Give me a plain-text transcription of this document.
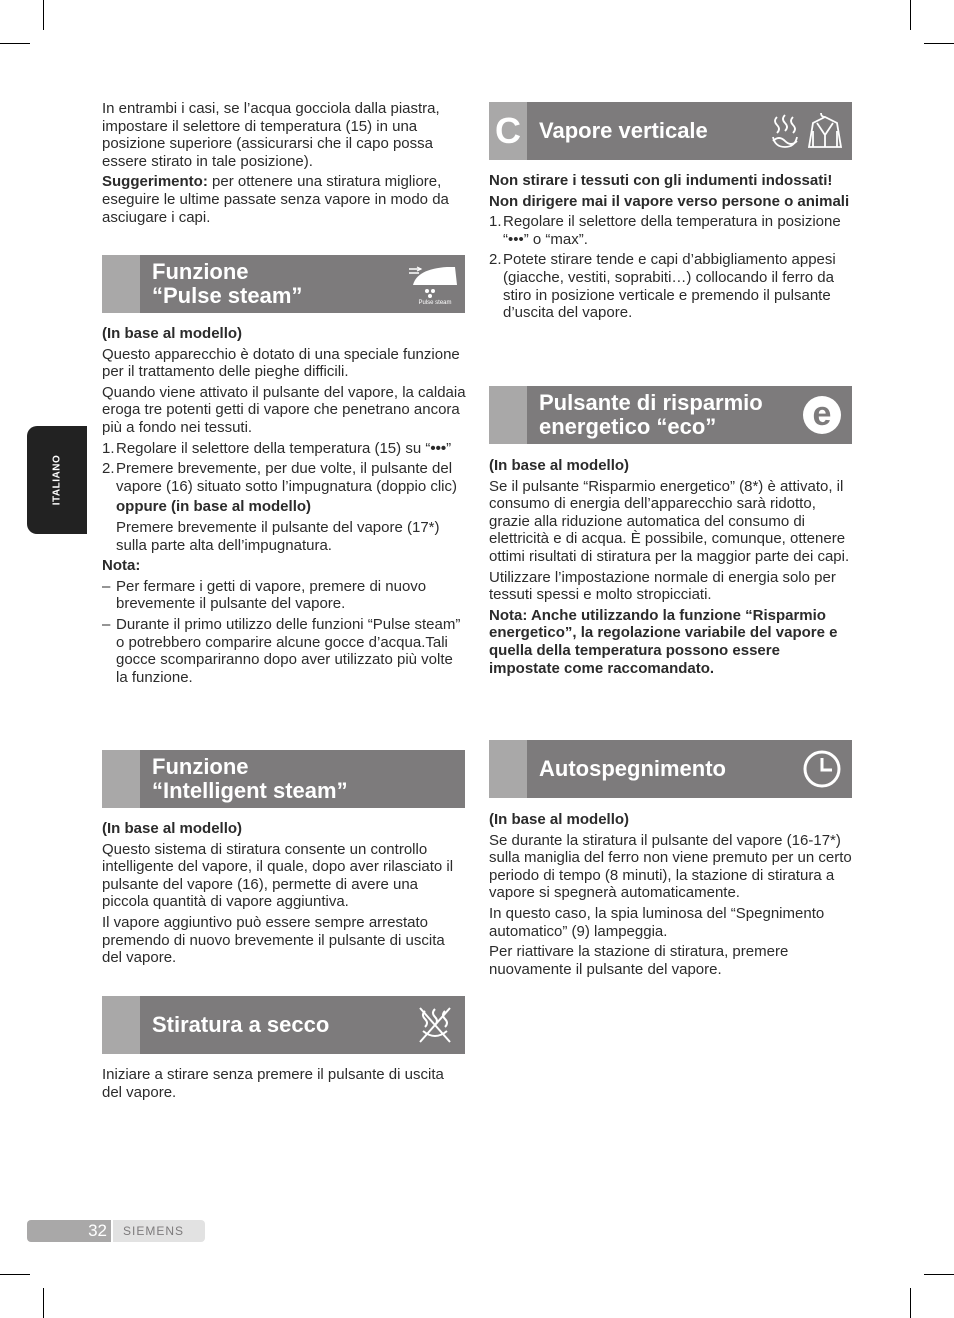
ITALIANO

In entrambi i casi, se l’acqua gocciola dalla piastra, impostare il selettore di temperatura (15) in una posizione superiore (assicurarsi che il capo possa essere stirato in tale posizione).

Suggerimento: per ottenere una stiratura migliore, eseguire le ultime passate senza vapore in modo da asciugare i capi.

Funzione
“Pulse steam”	Pulse steam

(In base al modello)

Questo apparecchio è dotato di una speciale funzione per il trattamento delle pieghe difficili.

Quando viene attivato il pulsante del vapore, la caldaia eroga tre potenti getti di vapore che penetrano ancora più a fondo nei tessuti.

1. Regolare il selettore della temperatura (15) su “•••”
2. Premere brevemente, per due volte, il pulsante del vapore (16) situato sotto l’impugnatura (doppio clic)

oppure (in base al modello)

Premere brevemente il pulsante del vapore (17*) sulla parte alta dell’impugnatura.

Nota:

– Per fermare i getti di vapore, premere di nuovo brevemente il pulsante del vapore.
– Durante il primo utilizzo delle funzioni “Pulse steam” o potrebbero comparire alcune gocce d’acqua.Tali gocce scompariranno dopo aver utilizzato più volte la funzione.
Funzione
“Intelligent steam”

(In base al modello)

Questo sistema di stiratura consente un controllo intelligente del vapore, il quale, dopo aver rilasciato il pulsante del vapore (16), permette di avere una piccola quantità di vapore aggiuntiva.

Il vapore aggiuntivo può essere sempre arrestato premendo di nuovo brevemente il pulsante di uscita del vapore.

Stiratura a secco

Iniziare a stirare senza premere il pulsante di uscita del vapore.

C Vapore verticale

Non stirare i tessuti con gli indumenti indossati!

Non dirigere mai il vapore verso persone o animali

1. Regolare il selettore della temperatura in posizione “•••” o “max”.
2. Potete stirare tende e capi d’abbigliamento appesi (giacche, vestiti, soprabiti…) collocando il ferro da stiro in posizione verticale e premendo il pulsante d’uscita del vapore.
Pulsante di risparmio
energetico “eco”	e

(In base al modello)

Se il pulsante “Risparmio energetico” (8*) è attivato, il consumo di energia dell’apparecchio sarà ridotto, grazie alla riduzione automatica del consumo di elettricità e di acqua. È possibile, comunque, ottenere ottimi risultati di stiratura per la maggior parte dei capi.

Utilizzare l’impostazione normale di energia solo per tessuti spessi e molto stropicciati.

Nota: Anche utilizzando la funzione “Risparmio energetico”, la regolazione variabile del vapore e quella della temperatura possono essere impostate come raccomandato.

Autospegnimento

(In base al modello)

Se durante la stiratura il pulsante del vapore (16-17*) sulla maniglia del ferro non viene premuto per un certo periodo di tempo (8 minuti), la stazione di stiratura a vapore si spegnerà automaticamente.

In questo caso, la spia luminosa del “Spegnimento automatico” (9) lampeggia.

Per riattivare la stazione di stiratura, premere nuovamente il pulsante del vapore.

32	SIEMENS
